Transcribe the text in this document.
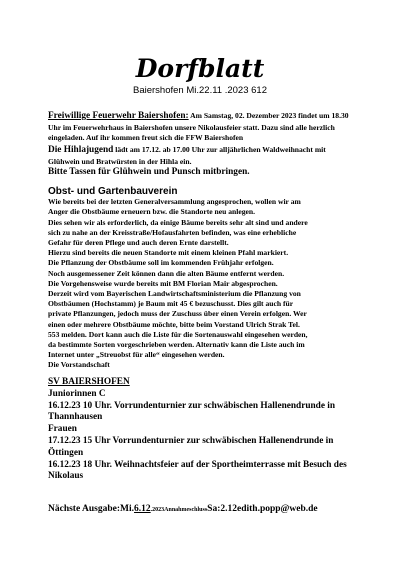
Dorfblatt
Baiershofen Mi.22.11 .2023 612

Freiwillige Feuerwehr Baiershofen: Am Samstag, 02. Dezember 2023 findet um 18.30 Uhr im Feuerwehrhaus in Baiershofen unsere Nikolausfeier statt. Dazu sind alle herzlich eingeladen. Auf ihr kommen freut sich die FFW Baiershofen

Die Hihlajugend lädt am 17.12. ab 17.00 Uhr zur alljährlichen Waldweihnacht mit Glühwein und Bratwürsten in der Hihla ein.

Bitte Tassen für Glühwein und Punsch mitbringen.

Obst- und Gartenbauverein

Wie bereits bei der letzten Generalversammlung angesprochen, wollen wir am

Anger die Obstbäume erneuern bzw. die Standorte neu anlegen.

Dies sehen wir als erforderlich, da einige Bäume bereits sehr alt sind und andere

sich zu nahe an der Kreisstraße/Hofausfahrten befinden, was eine erhebliche

Gefahr für deren Pflege und auch deren Ernte darstellt.

Hierzu sind bereits die neuen Standorte mit einem kleinen Pfahl markiert.

Die Pflanzung der Obstbäume soll im kommenden Frühjahr erfolgen.

Noch ausgemessener Zeit können dann die alten Bäume entfernt werden.

Die Vorgehensweise wurde bereits mit BM Florian Mair abgesprochen.

Derzeit wird vom Bayerischen Landwirtschaftsministerium die Pflanzung von

Obstbäumen (Hochstamm) je Baum mit 45 € bezuschusst. Dies gilt auch für

private Pflanzungen, jedoch muss der Zuschuss über einen Verein erfolgen. Wer

einen oder mehrere Obstbäume möchte, bitte beim Vorstand Ulrich Strak Tel.

553 melden. Dort kann auch die Liste für die Sortenauswahl eingesehen werden,

da bestimmte Sorten vorgeschrieben werden. Alternativ kann die Liste auch im

Internet unter „Streuobst für alle“ eingesehen werden.

Die Vorstandschaft

SV BAIERSHOFEN

Juniorinnen C

16.12.23 10 Uhr. Vorrundenturnier zur schwäbischen Hallenendrunde in

Thannhausen

Frauen

17.12.23 15 Uhr Vorrundenturnier zur schwäbischen Hallenendrunde in

Öttingen

16.12.23 18 Uhr. Weihnachtsfeier auf der Sportheimterrasse mit Besuch des

Nikolaus

Nächste Ausgabe:Mi.6.12.2023AnnahmeschlussSa:2.12edith.popp@web.de
